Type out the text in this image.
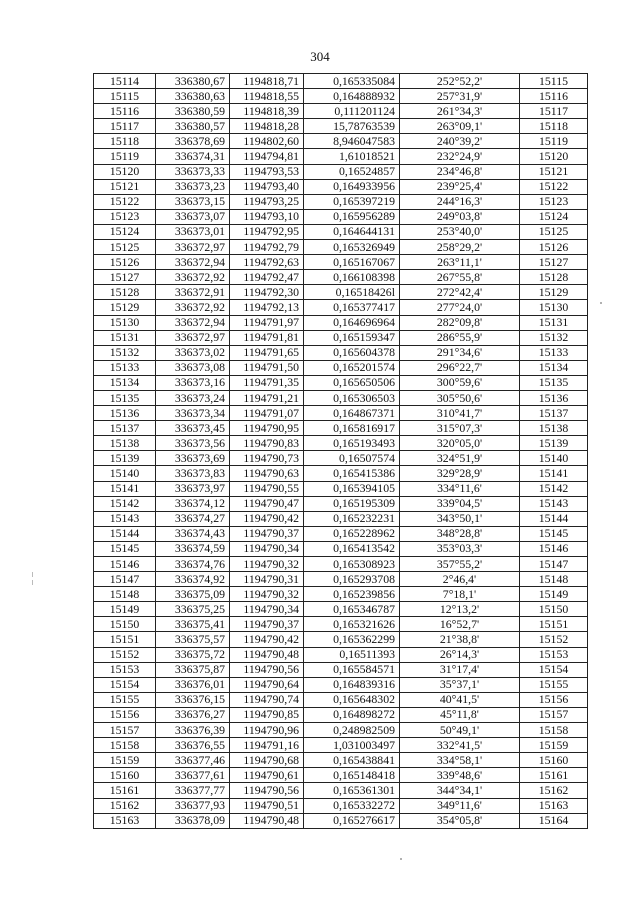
304
15114	336380,67	1194818,71	0,165335084	252°52,2'	15115
15115	336380,63	1194818,55	0,164888932	257°31,9'	15116
15116	336380,59	1194818,39	0,111201124	261°34,3'	15117
15117	336380,57	1194818,28	15,78763539	263°09,1'	15118
15118	336378,69	1194802,60	8,946047583	240°39,2'	15119
15119	336374,31	1194794,81	1,61018521	232°24,9'	15120
15120	336373,33	1194793,53	0,16524857	234°46,8'	15121
15121	336373,23	1194793,40	0,164933956	239°25,4'	15122
15122	336373,15	1194793,25	0,165397219	244°16,3'	15123
15123	336373,07	1194793,10	0,165956289	249°03,8'	15124
15124	336373,01	1194792,95	0,164644131	253°40,0'	15125
15125	336372,97	1194792,79	0,165326949	258°29,2'	15126
15126	336372,94	1194792,63	0,165167067	263°11,1'	15127
15127	336372,92	1194792,47	0,166108398	267°55,8'	15128
15128	336372,91	1194792,30	0,16518426l	272°42,4'	15129
15129	336372,92	1194792,13	0,165377417	277°24,0'	15130
15130	336372,94	1194791,97	0,164696964	282°09,8'	15131
15131	336372,97	1194791,81	0,165159347	286°55,9'	15132
15132	336373,02	1194791,65	0,165604378	291°34,6'	15133
15133	336373,08	1194791,50	0,165201574	296°22,7'	15134
15134	336373,16	1194791,35	0,165650506	300°59,6'	15135
15135	336373,24	1194791,21	0,165306503	305°50,6'	15136
15136	336373,34	1194791,07	0,164867371	310°41,7'	15137
15137	336373,45	1194790,95	0,165816917	315°07,3'	15138
15138	336373,56	1194790,83	0,165193493	320°05,0'	15139
15139	336373,69	1194790,73	0,16507574	324°51,9'	15140
15140	336373,83	1194790,63	0,165415386	329°28,9'	15141
15141	336373,97	1194790,55	0,165394105	334°11,6'	15142
15142	336374,12	1194790,47	0,165195309	339°04,5'	15143
15143	336374,27	1194790,42	0,165232231	343°50,1'	15144
15144	336374,43	1194790,37	0,165228962	348°28,8'	15145
15145	336374,59	1194790,34	0,165413542	353°03,3'	15146
15146	336374,76	1194790,32	0,165308923	357°55,2'	15147
15147	336374,92	1194790,31	0,165293708	2°46,4'	15148
15148	336375,09	1194790,32	0,165239856	7°18,1'	15149
15149	336375,25	1194790,34	0,165346787	12°13,2'	15150
15150	336375,41	1194790,37	0,165321626	16°52,7'	15151
15151	336375,57	1194790,42	0,165362299	21°38,8'	15152
15152	336375,72	1194790,48	0,16511393	26°14,3'	15153
15153	336375,87	1194790,56	0,165584571	31°17,4'	15154
15154	336376,01	1194790,64	0,164839316	35°37,1'	15155
15155	336376,15	1194790,74	0,165648302	40°41,5'	15156
15156	336376,27	1194790,85	0,164898272	45°11,8'	15157
15157	336376,39	1194790,96	0,248982509	50°49,1'	15158
15158	336376,55	1194791,16	1,031003497	332°41,5'	15159
15159	336377,46	1194790,68	0,165438841	334°58,1'	15160
15160	336377,61	1194790,61	0,165148418	339°48,6'	15161
15161	336377,77	1194790,56	0,165361301	344°34,1'	15162
15162	336377,93	1194790,51	0,165332272	349°11,6'	15163
15163	336378,09	1194790,48	0,165276617	354°05,8'	15164
